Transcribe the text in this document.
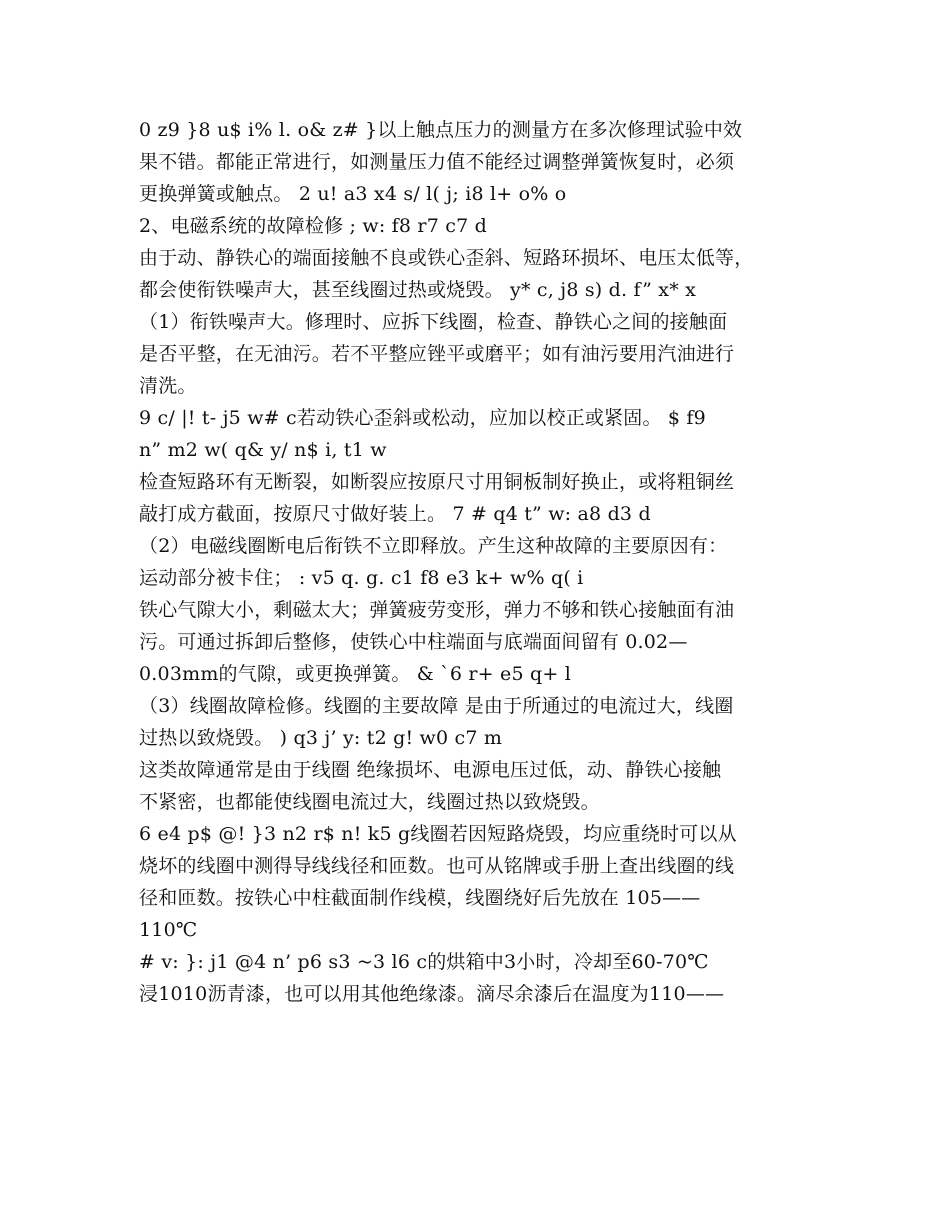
0 z9 }8 u$ i% l. o& z# }以上触点压力的测量方在多次修理试验中效
果不错。都能正常进行，如测量压力值不能经过调整弹簧恢复时，必须
更换弹簧或触点。 2 u! a3 x4 s/ l( j; i8 l+ o% o
2、电磁系统的故障检修 ; w: f8 r7 c7 d
由于动、静铁心的端面接触不良或铁心歪斜、短路环损坏、电压太低等，
都会使衔铁噪声大，甚至线圈过热或烧毁。 y* c, j8 s) d. f” x* x
（1）衔铁噪声大。修理时、应拆下线圈，检查、静铁心之间的接触面
是否平整，在无油污。若不平整应锉平或磨平；如有油污要用汽油进行
清洗。
9 c/ |! t- j5 w# c若动铁心歪斜或松动，应加以校正或紧固。 $ f9
n” m2 w( q& y/ n$ i, t1 w
检查短路环有无断裂，如断裂应按原尺寸用铜板制好换止，或将粗铜丝
敲打成方截面，按原尺寸做好装上。 7 # q4 t” w: a8 d3 d
（2）电磁线圈断电后衔铁不立即释放。产生这种故障的主要原因有：
运动部分被卡住； : v5 q. g. c1 f8 e3 k+ w% q( i
铁心气隙大小，剩磁太大；弹簧疲劳变形，弹力不够和铁心接触面有油
污。可通过拆卸后整修，使铁心中柱端面与底端面间留有 0.02—
0.03mm的气隙，或更换弹簧。 & `6 r+ e5 q+ l
（3）线圈故障检修。线圈的主要故障 是由于所通过的电流过大，线圈
过热以致烧毁。 ) q3 j’ y: t2 g! w0 c7 m
这类故障通常是由于线圈 绝缘损坏、电源电压过低，动、静铁心接触
不紧密，也都能使线圈电流过大，线圈过热以致烧毁。
6 e4 p$ @! }3 n2 r$ n! k5 g线圈若因短路烧毁，均应重绕时可以从
烧坏的线圈中测得导线线径和匝数。也可从铭牌或手册上查出线圈的线
径和匝数。按铁心中柱截面制作线模，线圈绕好后先放在 105——
110℃
# v: }: j1 @4 n’ p6 s3 ~3 l6 c的烘箱中3小时，冷却至60-70℃
浸1010沥青漆，也可以用其他绝缘漆。滴尽余漆后在温度为110——
